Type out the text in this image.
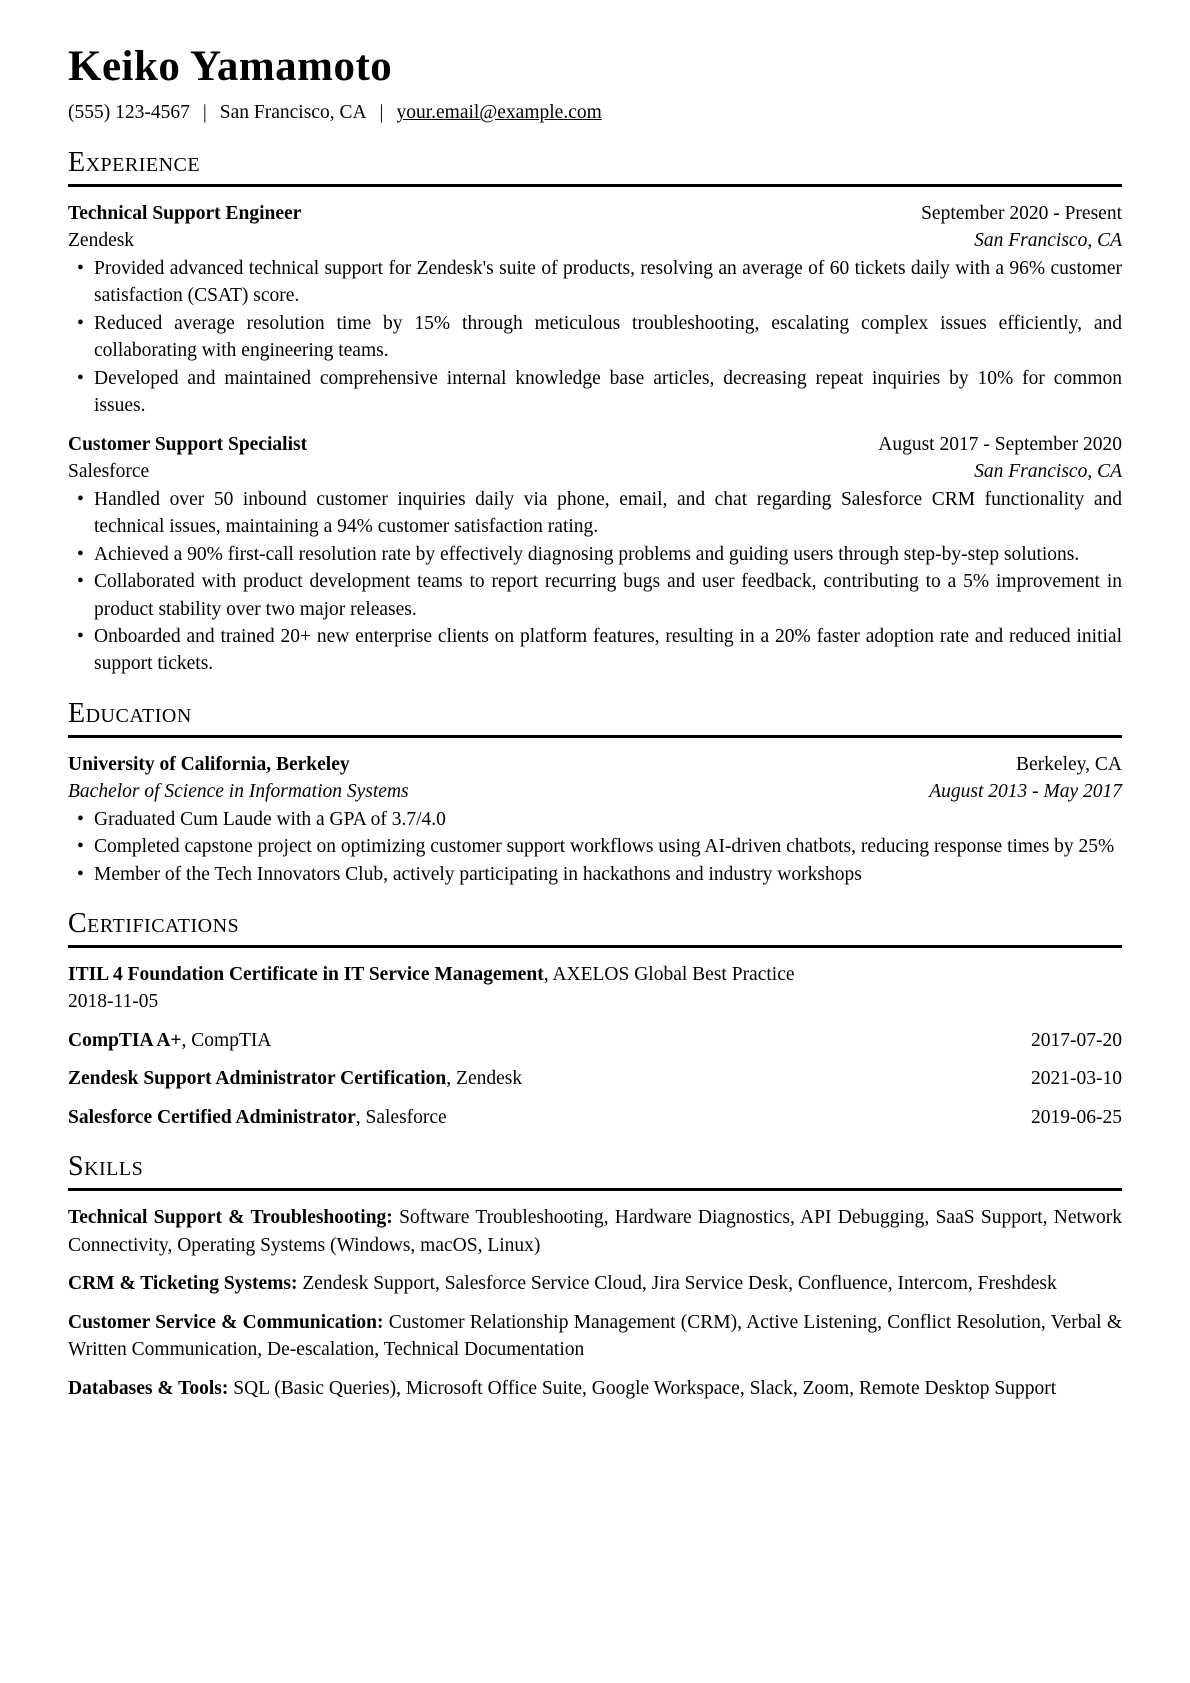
Keiko Yamamoto
(555) 123-4567 | San Francisco, CA | your.email@example.com
Experience
Technical Support Engineer	September 2020 - Present
Zendesk	San Francisco, CA
• Provided advanced technical support for Zendesk's suite of products, resolving an average of 60 tickets daily with a 96% customer satisfaction (CSAT) score.
• Reduced average resolution time by 15% through meticulous troubleshooting, escalating complex issues efficiently, and collaborating with engineering teams.
• Developed and maintained comprehensive internal knowledge base articles, decreasing repeat inquiries by 10% for common issues.
Customer Support Specialist	August 2017 - September 2020
Salesforce	San Francisco, CA
• Handled over 50 inbound customer inquiries daily via phone, email, and chat regarding Salesforce CRM functionality and technical issues, maintaining a 94% customer satisfaction rating.
• Achieved a 90% first-call resolution rate by effectively diagnosing problems and guiding users through step-by-step solutions.
• Collaborated with product development teams to report recurring bugs and user feedback, contributing to a 5% improvement in product stability over two major releases.
• Onboarded and trained 20+ new enterprise clients on platform features, resulting in a 20% faster adoption rate and reduced initial support tickets.
Education
University of California, Berkeley	Berkeley, CA
Bachelor of Science in Information Systems	August 2013 - May 2017
• Graduated Cum Laude with a GPA of 3.7/4.0
• Completed capstone project on optimizing customer support workflows using AI-driven chatbots, reducing response times by 25%
• Member of the Tech Innovators Club, actively participating in hackathons and industry workshops
Certifications
ITIL 4 Foundation Certificate in IT Service Management, AXELOS Global Best Practice
2018-11-05
CompTIA A+, CompTIA	2017-07-20
Zendesk Support Administrator Certification, Zendesk	2021-03-10
Salesforce Certified Administrator, Salesforce	2019-06-25
Skills

Technical Support & Troubleshooting: Software Troubleshooting, Hardware Diagnostics, API Debugging, SaaS Support, Network Connectivity, Operating Systems (Windows, macOS, Linux)

CRM & Ticketing Systems: Zendesk Support, Salesforce Service Cloud, Jira Service Desk, Confluence, Intercom, Freshdesk

Customer Service & Communication: Customer Relationship Management (CRM), Active Listening, Conflict Resolution, Verbal & Written Communication, De-escalation, Technical Documentation

Databases & Tools: SQL (Basic Queries), Microsoft Office Suite, Google Workspace, Slack, Zoom, Remote Desktop Support
